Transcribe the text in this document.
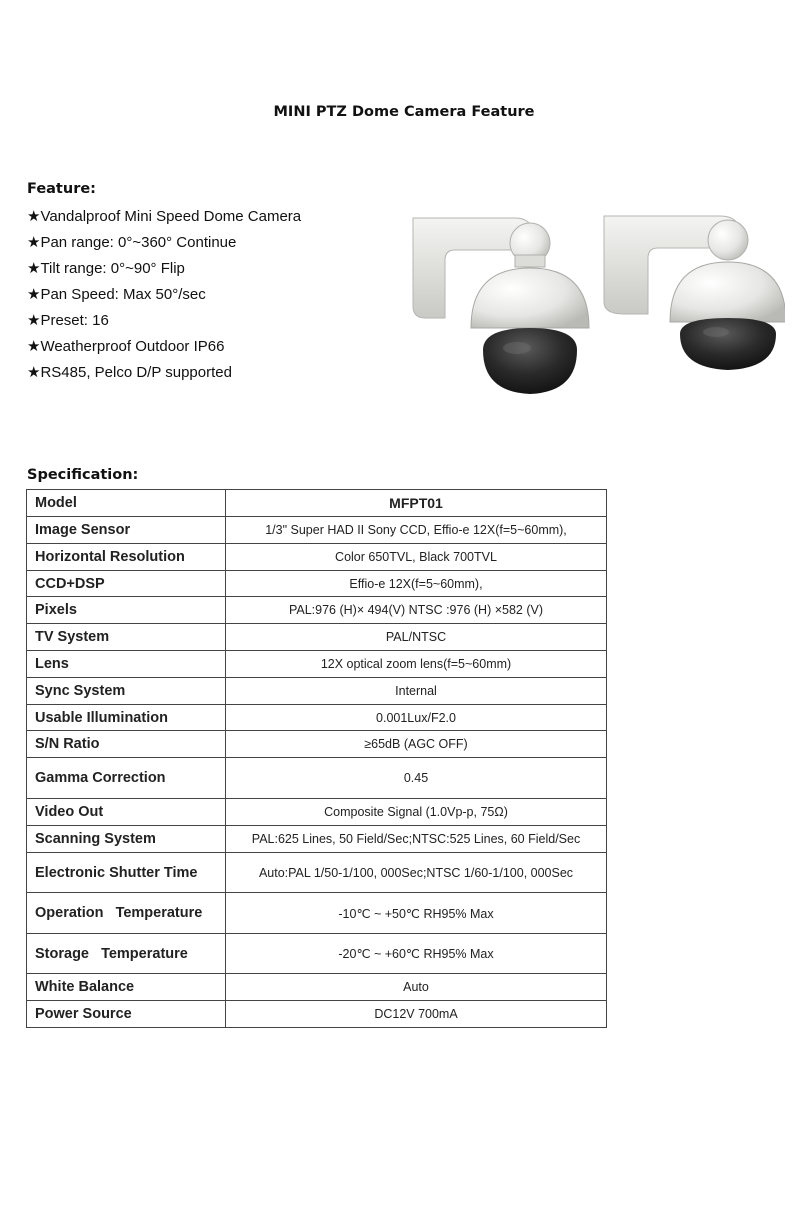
MINI PTZ Dome Camera Feature
Feature:
★Vandalproof Mini Speed Dome Camera
★Pan range: 0°~360° Continue
★Tilt range: 0°~90° Flip
★Pan Speed: Max 50°/sec
★Preset: 16
★Weatherproof Outdoor IP66
★RS485, Pelco D/P supported
Specification:
Model	MFPT01
Image Sensor	1/3" Super HAD II Sony CCD, Effio-e 12X(f=5~60mm),
Horizontal Resolution	Color 650TVL, Black 700TVL
CCD+DSP	Effio-e 12X(f=5~60mm),
Pixels	PAL:976 (H)× 494(V) NTSC :976 (H) ×582 (V)
TV System	PAL/NTSC
Lens	12X optical zoom lens(f=5~60mm)
Sync System	Internal
Usable Illumination	0.001Lux/F2.0
S/N Ratio	≥65dB (AGC OFF)
Gamma Correction	0.45
Video Out	Composite Signal (1.0Vp-p, 75Ω)
Scanning System	PAL:625 Lines, 50 Field/Sec;NTSC:525 Lines, 60 Field/Sec
Electronic Shutter Time	Auto:PAL 1/50-1/100, 000Sec;NTSC 1/60-1/100, 000Sec
Operation   Temperature	-10℃ ~ +50℃ RH95% Max
Storage   Temperature	-20℃ ~ +60℃ RH95% Max
White Balance	Auto
Power Source	DC12V 700mA
